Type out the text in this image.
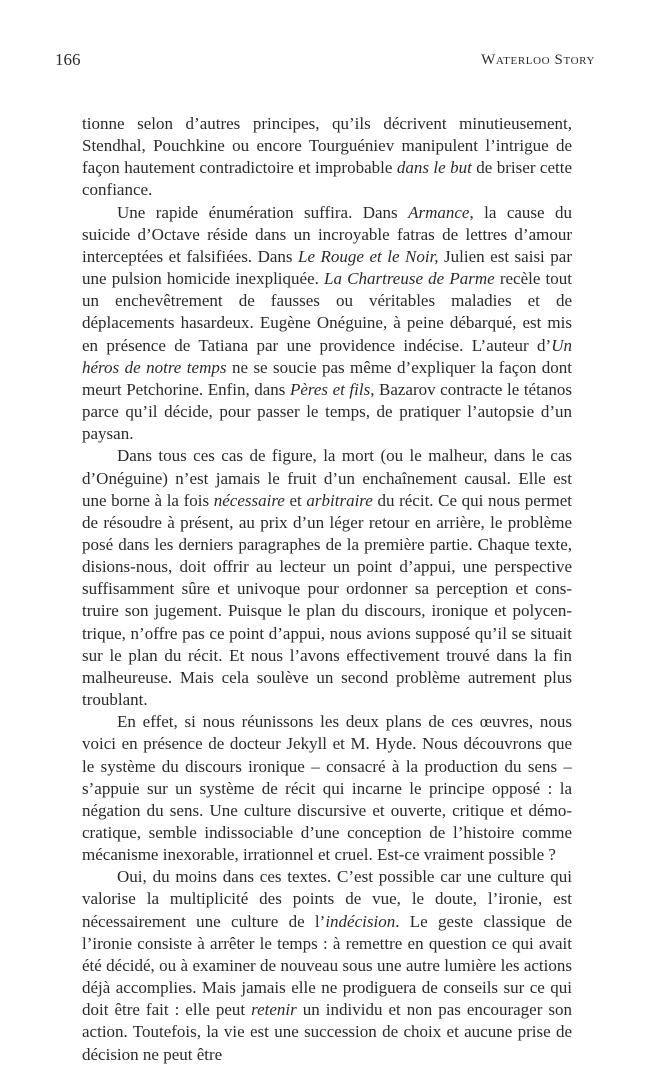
166	Waterloo Story

tionne selon d’autres principes, qu’ils décrivent minutieusement, Stendhal, Pouchkine ou encore Tourguéniev manipulent l’intrigue de façon hautement contradictoire et improbable dans le but de briser cette confiance.

Une rapide énumération suffira. Dans Armance, la cause du suicide d’Octave réside dans un incroyable fatras de lettres d’amour interceptées et falsifiées. Dans Le Rouge et le Noir, Julien est saisi par une pulsion homicide inexpliquée. La Chartreuse de Parme recèle tout un enchevêtrement de fausses ou véritables maladies et de déplacements hasardeux. Eugène Onéguine, à peine débarqué, est mis en présence de Tatiana par une providence indécise. L’auteur d’Un héros de notre temps ne se soucie pas même d’expliquer la façon dont meurt Petchorine. Enfin, dans Pères et fils, Bazarov contracte le tétanos parce qu’il décide, pour passer le temps, de pratiquer l’autopsie d’un paysan.

Dans tous ces cas de figure, la mort (ou le malheur, dans le cas d’Onéguine) n’est jamais le fruit d’un enchaînement causal. Elle est une borne à la fois nécessaire et arbitraire du récit. Ce qui nous permet de résoudre à présent, au prix d’un léger retour en arrière, le problème posé dans les derniers paragraphes de la première partie. Chaque texte, disions-nous, doit offrir au lecteur un point d’appui, une perspective suffisamment sûre et univoque pour ordonner sa perception et construire son jugement. Puisque le plan du discours, ironique et polycentrique, n’offre pas ce point d’appui, nous avions supposé qu’il se situait sur le plan du récit. Et nous l’avons effectivement trouvé dans la fin malheureuse. Mais cela soulève un second problème autrement plus troublant.

En effet, si nous réunissons les deux plans de ces œuvres, nous voici en présence de docteur Jekyll et M. Hyde. Nous découvrons que le système du discours ironique – consacré à la production du sens – s’appuie sur un système de récit qui incarne le principe opposé : la négation du sens. Une culture discursive et ouverte, critique et démocratique, semble indissociable d’une conception de l’histoire comme mécanisme inexorable, irrationnel et cruel. Est-ce vraiment possible ?

Oui, du moins dans ces textes. C’est possible car une culture qui valorise la multiplicité des points de vue, le doute, l’ironie, est nécessairement une culture de l’indécision. Le geste classique de l’ironie consiste à arrêter le temps : à remettre en question ce qui avait été décidé, ou à examiner de nouveau sous une autre lumière les actions déjà accomplies. Mais jamais elle ne prodiguera de conseils sur ce qui doit être fait : elle peut retenir un individu et non pas encourager son action. Toutefois, la vie est une succession de choix et aucune prise de décision ne peut être
